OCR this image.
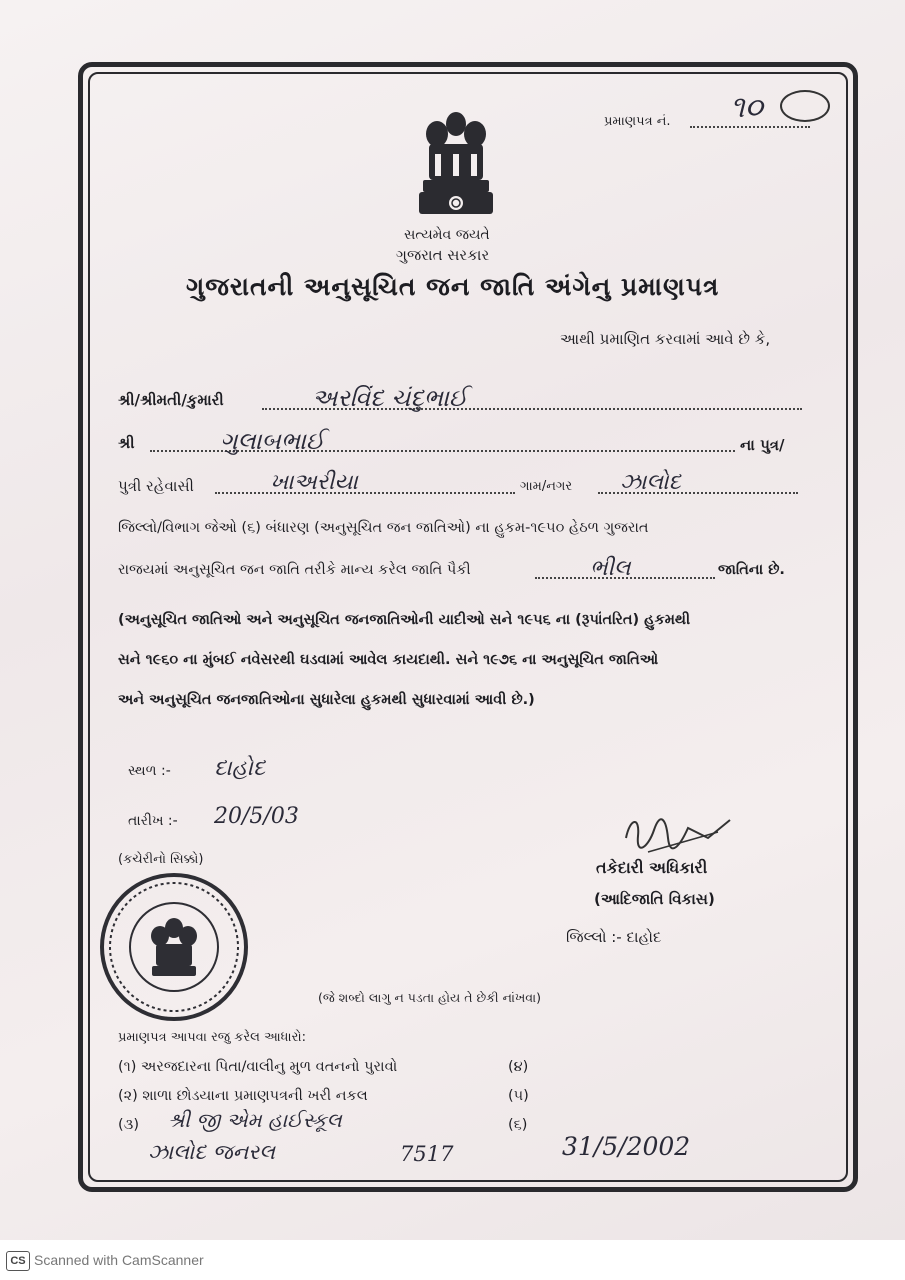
પ્રમાણપત્ર નં. ૧૦
સત્યમેવ જયતે
ગુજરાત સરકાર
ગુજરાતની અનુસૂચિત જન જાતિ અંગેનુ પ્રમાણપત્ર
આથી પ્રમાણિત કરવામાં આવે છે કે,
શ્રી/શ્રીમતી/કુમારી	અરવિંદ ચંદુભાઈ
શ્રી	ગુલાબભાઈ	ના પુત્ર/
પુત્રી રહેવાસી	ખાઅરીયા	ગામ/નગર ઝાલોદ
જિલ્લો/વિભાગ જેઓ (૬) બંધારણ (અનુસૂચિત જન જાતિઓ) ના હુકમ-૧૯૫૦ હેઠળ ગુજરાત
રાજયમાં અનુસૂચિત જન જાતિ તરીકે માન્ય કરેલ જાતિ પૈકી	ભીલ	જાતિના છે.
(અનુસૂચિત જાતિઓ અને અનુસૂચિત જનજાતિઓની યાદીઓ સને ૧૯૫૬ ના (રૂપાંતરિત) હુકમથી
સને ૧૯૬૦ ના મુંબઈ નવેસરથી ઘડવામાં આવેલ કાયદાથી. સને ૧૯૭૬ ના અનુસૂચિત જાતિઓ
અને અનુસૂચિત જનજાતિઓના સુધારેલા હુકમથી સુધારવામાં આવી છે.)
સ્થળ :- દાહોદ
તારીખ :- 20/5/03
(કચેરીનો સિક્કો)	તકેદારી અધિકારી
(આદિજાતિ વિકાસ)
જિલ્લો :- દાહોદ
(જે શબ્દો લાગુ ન પડતા હોય તે છેકી નાંખવા)
પ્રમાણપત્ર આપવા રજુ કરેલ આધારો:
(૧) અરજદારના પિતા/વાલીનુ મુળ વતનનો પુરાવો
(૨) શાળા છોડયાના પ્રમાણપત્રની ખરી નકલ
(૩) શ્રી જી એમ હાઈસ્કૂલ
(૪)
(૫)
(૬)
ઝાલોદ જનરલ	7517	31/5/2002
CS Scanned with CamScanner
